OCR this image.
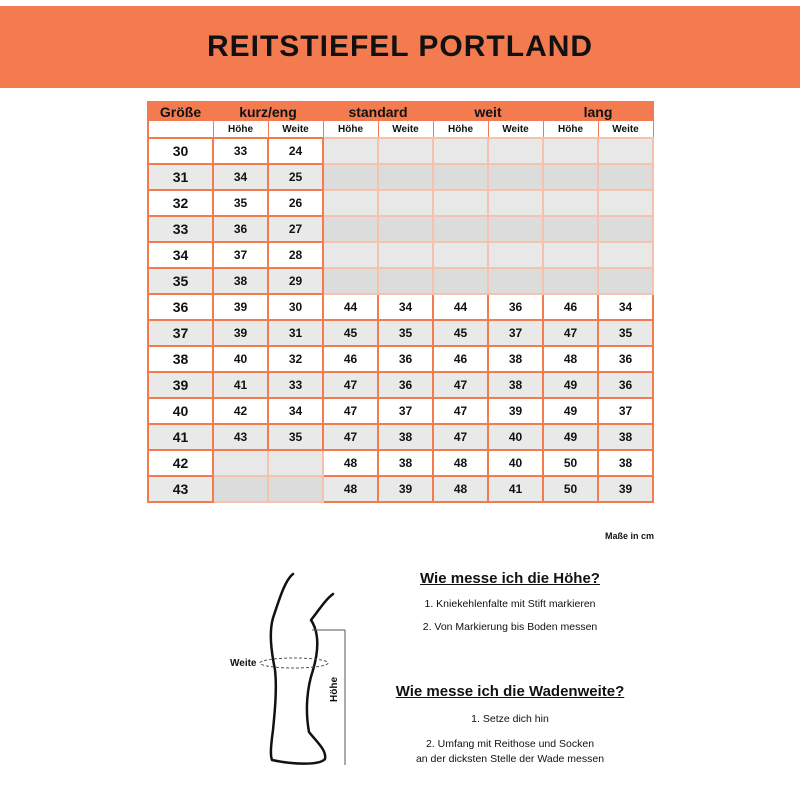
REITSTIEFEL PORTLAND
Größe	kurz/eng		standard		weit		lang	
	Höhe	Weite	Höhe	Weite	Höhe	Weite	Höhe	Weite
30	33	24						
31	34	25						
32	35	26						
33	36	27						
34	37	28						
35	38	29						
36	39	30	44	34	44	36	46	34
37	39	31	45	35	45	37	47	35
38	40	32	46	36	46	38	48	36
39	41	33	47	36	47	38	49	36
40	42	34	47	37	47	39	49	37
41	43	35	47	38	47	40	49	38
42			48	38	48	40	50	38
43			48	39	48	41	50	39
Maße in cm
Weite
Höhe
Wie messe ich die Höhe?

1. Kniekehlenfalte mit Stift markieren

2. Von Markierung bis Boden messen

Wie messe ich die Wadenweite?

1. Setze dich hin

2. Umfang mit Reithose und Socken

an der dicksten Stelle der Wade messen
